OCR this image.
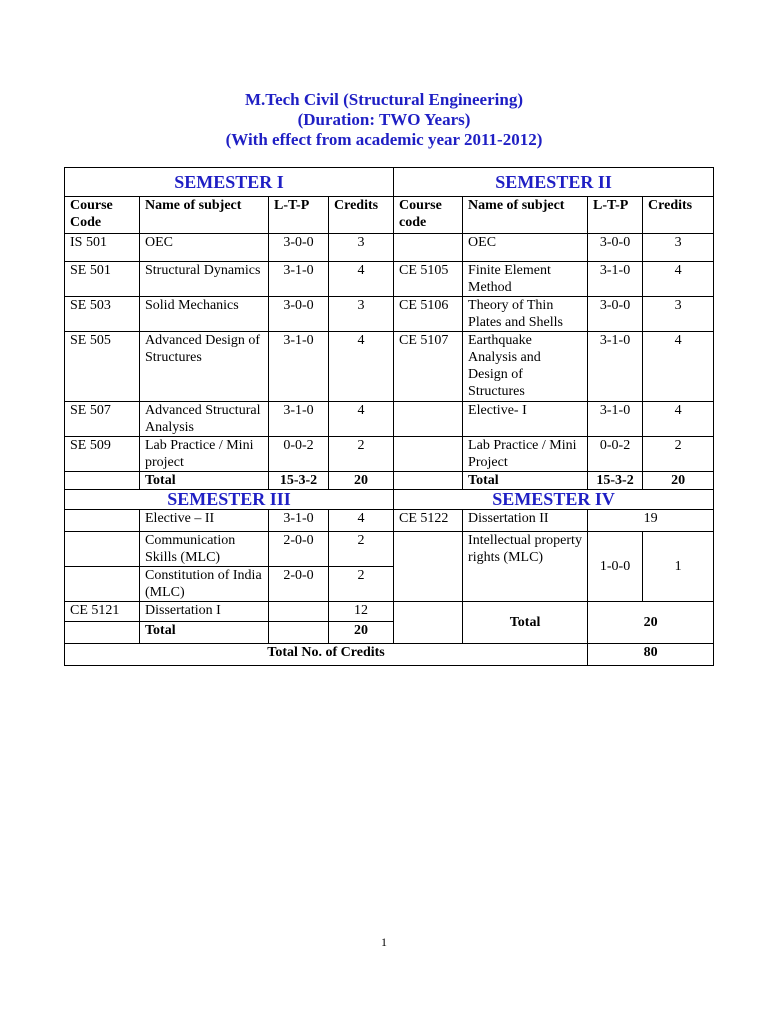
M.Tech Civil (Structural Engineering)
(Duration: TWO Years)
(With effect from academic year 2011-2012)
SEMESTER I				SEMESTER II			
Course Code	Name of subject	L-T-P	Credits	Course code	Name of subject	L-T-P	Credits
IS 501	OEC	3-0-0	3		OEC	3-0-0	3
SE 501	Structural Dynamics	3-1-0	4	CE 5105	Finite Element Method	3-1-0	4
SE 503	Solid Mechanics	3-0-0	3	CE 5106	Theory of Thin Plates and Shells	3-0-0	3
SE 505	Advanced Design of Structures	3-1-0	4	CE 5107	Earthquake Analysis and Design of Structures	3-1-0	4
SE 507	Advanced Structural Analysis	3-1-0	4		Elective- I	3-1-0	4
SE 509	Lab Practice / Mini project	0-0-2	2		Lab Practice / Mini Project	0-0-2	2
	Total	15-3-2	20		Total	15-3-2	20
SEMESTER III				SEMESTER IV			
	Elective – II	3-1-0	4	CE 5122	Dissertation II	19	
	Communication Skills (MLC)	2-0-0	2		Intellectual property rights (MLC)	1-0-0	1
	Constitution of India (MLC)	2-0-0	2				
CE 5121	Dissertation I		12		Total	20	
	Total		20				
Total No. of Credits						80	
1
